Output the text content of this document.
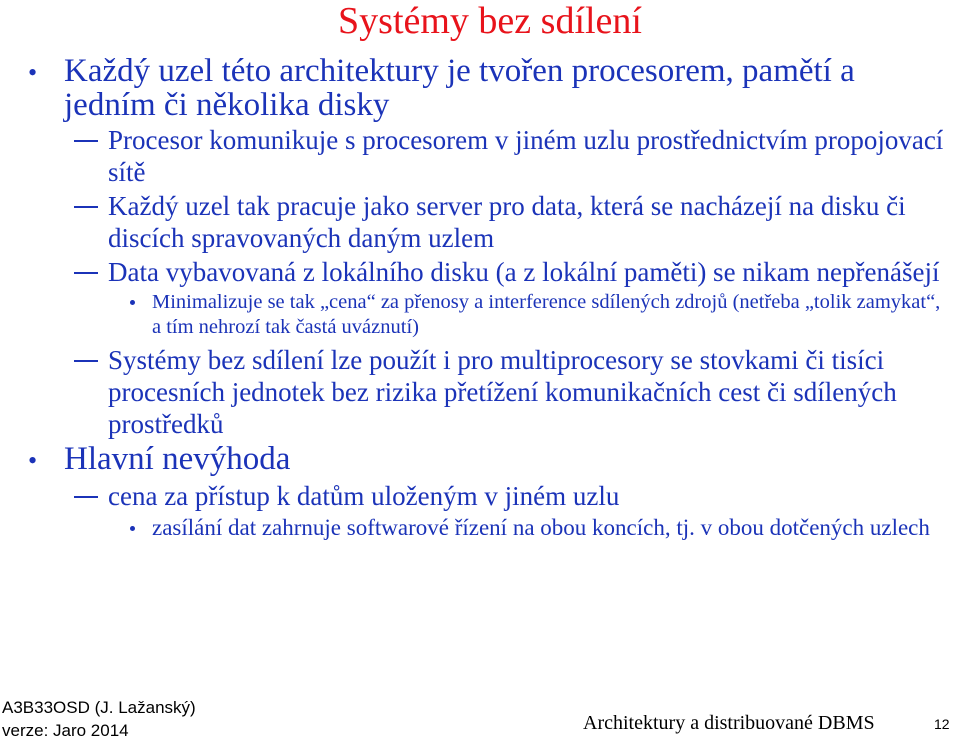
Systémy bez sdílení
• Každý uzel této architektury je tvořen procesorem, pamětí a jedním či několika disky
Procesor komunikuje s procesorem v jiném uzlu prostřednictvím propojovací sítě
Každý uzel tak pracuje jako server pro data, která se nacházejí na disku či discích spravovaných daným uzlem
Data vybavovaná z lokálního disku (a z lokální paměti) se nikam nepřenášejí
Minimalizuje se tak „cena“ za přenosy a interference sdílených zdrojů (netřeba „tolik zamykat“, a tím nehrozí tak častá uváznutí)
Systémy bez sdílení lze použít i pro multiprocesory se stovkami či tisíci procesních jednotek bez rizika přetížení komunikačních cest či sdílených prostředků
• Hlavní nevýhoda
cena za přístup k datům uloženým v jiném uzlu
zasílání dat zahrnuje softwarové řízení na obou koncích, tj. v obou dotčených uzlech
A3B33OSD (J. Lažanský)
verze: Jaro 2014	Architektury a distribuované DBMS	12
